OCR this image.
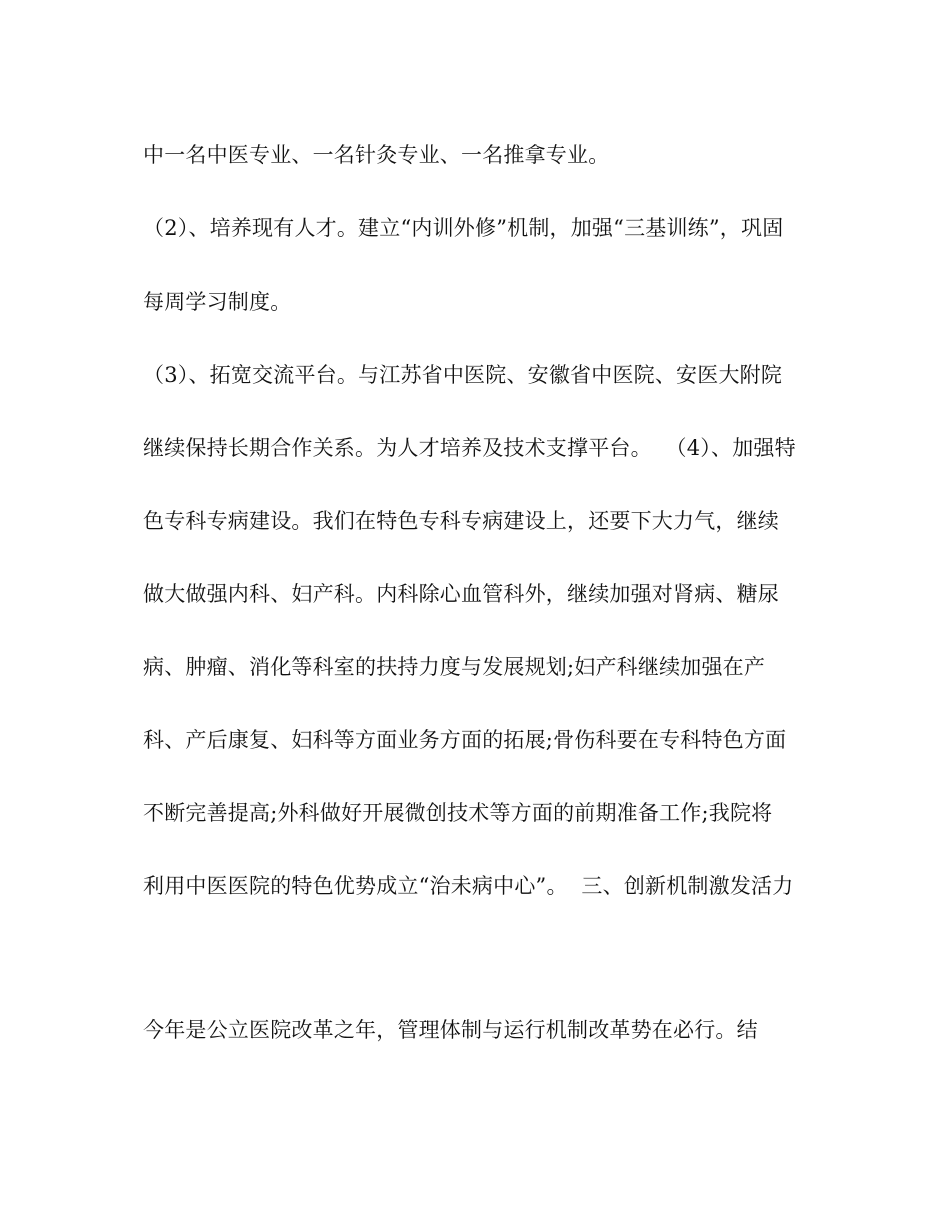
中一名中医专业、一名针灸专业、一名推拿专业。
（2）、培养现有人才。建立“内训外修”机制，加强“三基训练”，巩固
每周学习制度。
（3）、拓宽交流平台。与江苏省中医院、安徽省中医院、安医大附院
继续保持长期合作关系。为人才培养及技术支撑平台。  （4）、加强特
色专科专病建设。我们在特色专科专病建设上，还要下大力气，继续
做大做强内科、妇产科。内科除心血管科外，继续加强对肾病、糖尿
病、肿瘤、消化等科室的扶持力度与发展规划;妇产科继续加强在产
科、产后康复、妇科等方面业务方面的拓展;骨伤科要在专科特色方面
不断完善提高;外科做好开展微创技术等方面的前期准备工作;我院将
利用中医医院的特色优势成立“治未病中心”。  三、创新机制激发活力
今年是公立医院改革之年，管理体制与运行机制改革势在必行。结
